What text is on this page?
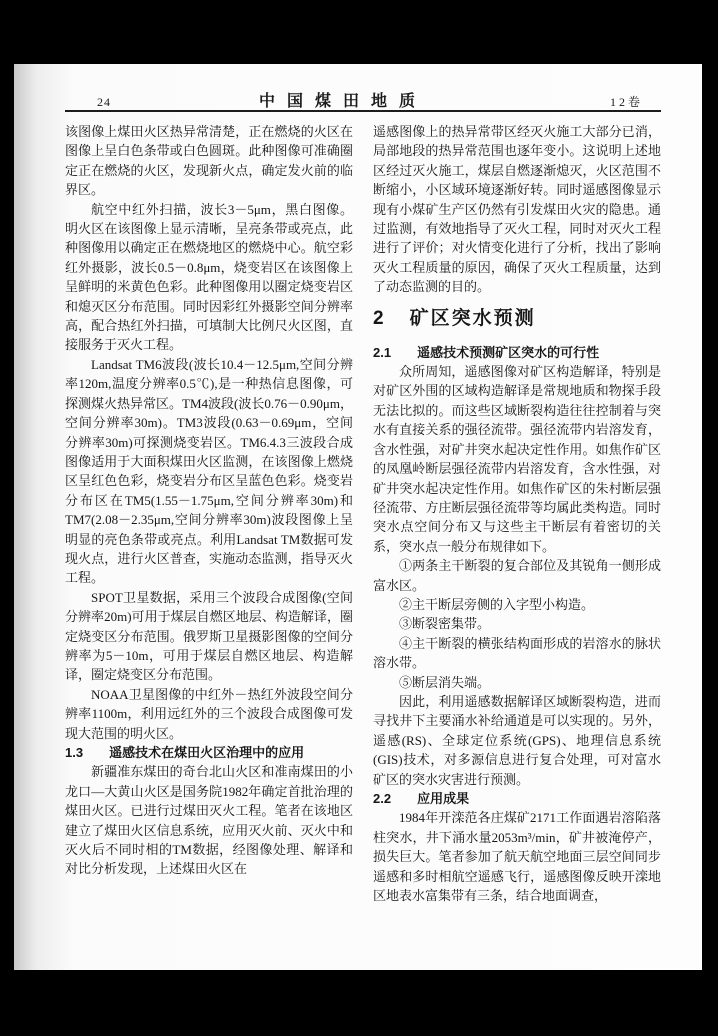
24	中国煤田地质	12卷

该图像上煤田火区热异常清楚，正在燃烧的火区在图像上呈白色条带或白色圆斑。此种图像可准确圈定正在燃烧的火区，发现新火点，确定发火前的临界区。

航空中红外扫描，波长3－5μm，黑白图像。明火区在该图像上显示清晰，呈亮条带或亮点，此种图像用以确定正在燃烧地区的燃烧中心。航空彩红外摄影，波长0.5－0.8μm，烧变岩区在该图像上呈鲜明的米黄色色彩。此种图像用以圈定烧变岩区和熄灭区分布范围。同时因彩红外摄影空间分辨率高，配合热红外扫描，可填制大比例尺火区图，直接服务于灭火工程。

Landsat TM6波段(波长10.4－12.5μm,空间分辨率120m,温度分辨率0.5℃),是一种热信息图像，可探测煤火热异常区。TM4波段(波长0.76－0.90μm，空间分辨率30m)。TM3波段(0.63－0.69μm，空间分辨率30m)可探测烧变岩区。TM6.4.3三波段合成图像适用于大面积煤田火区监测，在该图像上燃烧区呈红色色彩，烧变岩分布区呈蓝色色彩。烧变岩分布区在TM5(1.55－1.75μm,空间分辨率30m)和TM7(2.08－2.35μm,空间分辨率30m)波段图像上呈明显的亮色条带或亮点。利用Landsat TM数据可发现火点，进行火区普查，实施动态监测，指导灭火工程。

SPOT卫星数据，采用三个波段合成图像(空间分辨率20m)可用于煤层自燃区地层、构造解译，圈定烧变区分布范围。俄罗斯卫星摄影图像的空间分辨率为5－10m，可用于煤层自燃区地层、构造解译，圈定烧变区分布范围。

NOAA卫星图像的中红外－热红外波段空间分辨率1100m，利用远红外的三个波段合成图像可发现大范围的明火区。

1.3 遥感技术在煤田火区治理中的应用

新疆准东煤田的奇台北山火区和准南煤田的小龙口—大黄山火区是国务院1982年确定首批治理的煤田火区。已进行过煤田灭火工程。笔者在该地区建立了煤田火区信息系统，应用灭火前、灭火中和灭火后不同时相的TM数据，经图像处理、解译和对比分析发现，上述煤田火区在

遥感图像上的热异常带区经灭火施工大部分已消，局部地段的热异常范围也逐年变小。这说明上述地区经过灭火施工，煤层自燃逐渐熄灭，火区范围不断缩小，小区域环境逐渐好转。同时遥感图像显示现有小煤矿生产区仍然有引发煤田火灾的隐患。通过监测，有效地指导了灭火工程，同时对灭火工程进行了评价；对火情变化进行了分析，找出了影响灭火工程质量的原因，确保了灭火工程质量，达到了动态监测的目的。

2 矿区突水预测

2.1 遥感技术预测矿区突水的可行性

众所周知，遥感图像对矿区构造解译，特别是对矿区外围的区域构造解译是常规地质和物探手段无法比拟的。而这些区域断裂构造往往控制着与突水有直接关系的强径流带。强径流带内岩溶发育，含水性强，对矿井突水起决定性作用。如焦作矿区的凤凰岭断层强径流带内岩溶发育，含水性强，对矿井突水起决定性作用。如焦作矿区的朱村断层强径流带、方庄断层强径流带等均属此类构造。同时突水点空间分布又与这些主干断层有着密切的关系，突水点一般分布规律如下。

①两条主干断裂的复合部位及其锐角一侧形成富水区。

②主干断层旁侧的入字型小构造。

③断裂密集带。

④主干断裂的横张结构面形成的岩溶水的脉状溶水带。

⑤断层消失端。

因此，利用遥感数据解译区域断裂构造，进而寻找井下主要涌水补给通道是可以实现的。另外，遥感(RS)、全球定位系统(GPS)、地理信息系统(GIS)技术，对多源信息进行复合处理，可对富水矿区的突水灾害进行预测。

2.2 应用成果

1984年开滦范各庄煤矿2171工作面遇岩溶陷落柱突水，井下涌水量2053m³/min，矿井被淹停产，损失巨大。笔者参加了航天航空地面三层空间同步遥感和多时相航空遥感飞行，遥感图像反映开滦地区地表水富集带有三条，结合地面调查，
